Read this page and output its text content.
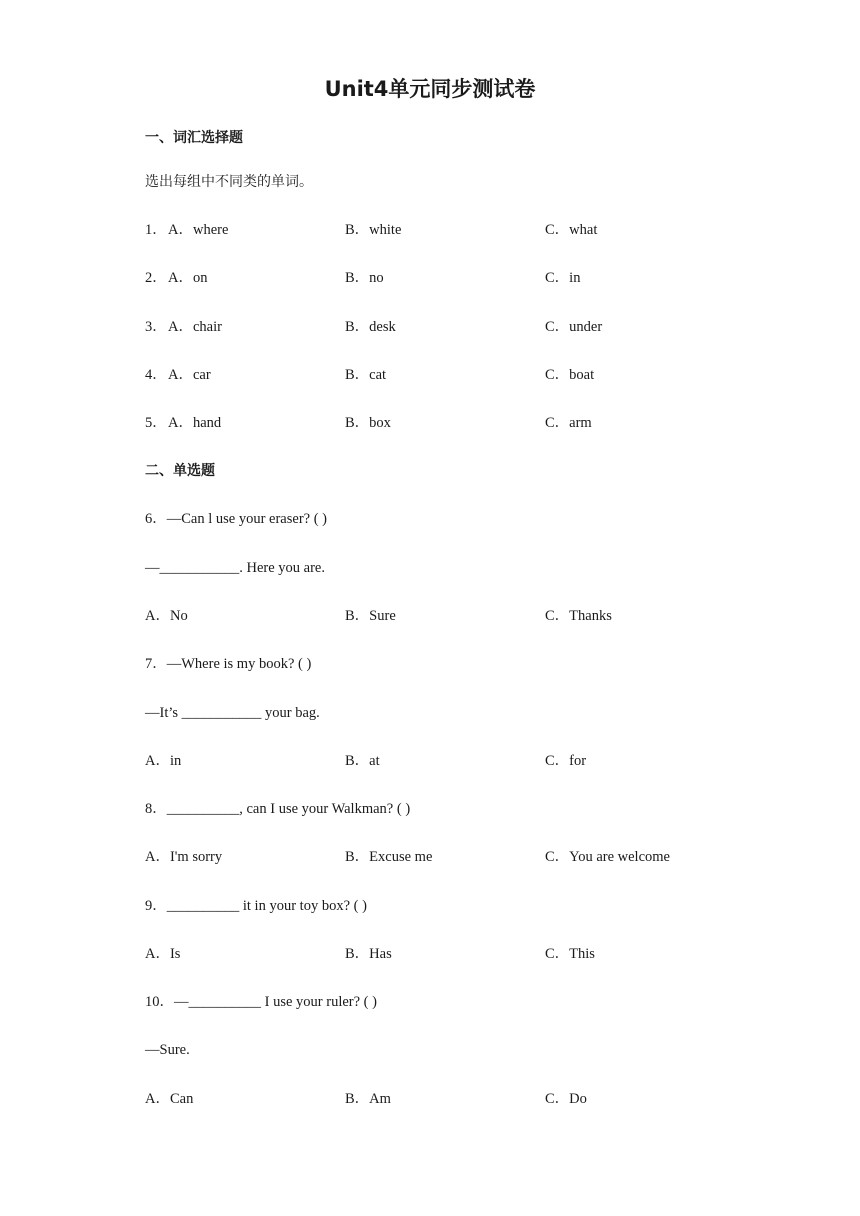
Unit4单元同步测试卷
一、词汇选择题
选出每组中不同类的单词。
1． A．where	B．white	C．what
2． A．on	B．no	C．in
3． A．chair	B．desk	C．under
4． A．car	B．cat	C．boat
5． A．hand	B．box	C．arm
二、单选题
6．—Can l use your eraser? ( )
—___________. Here you are.
A．No	B．Sure	C．Thanks
7．—Where is my book? ( )
—It’s ___________ your bag.
A．in	B．at	C．for
8．__________, can I use your Walkman? ( )
A．I'm sorry	B．Excuse me	C．You are welcome
9．__________ it in your toy box? ( )
A．Is	B．Has	C．This
10．—__________ I use your ruler? ( )
—Sure.
A．Can	B．Am	C．Do
